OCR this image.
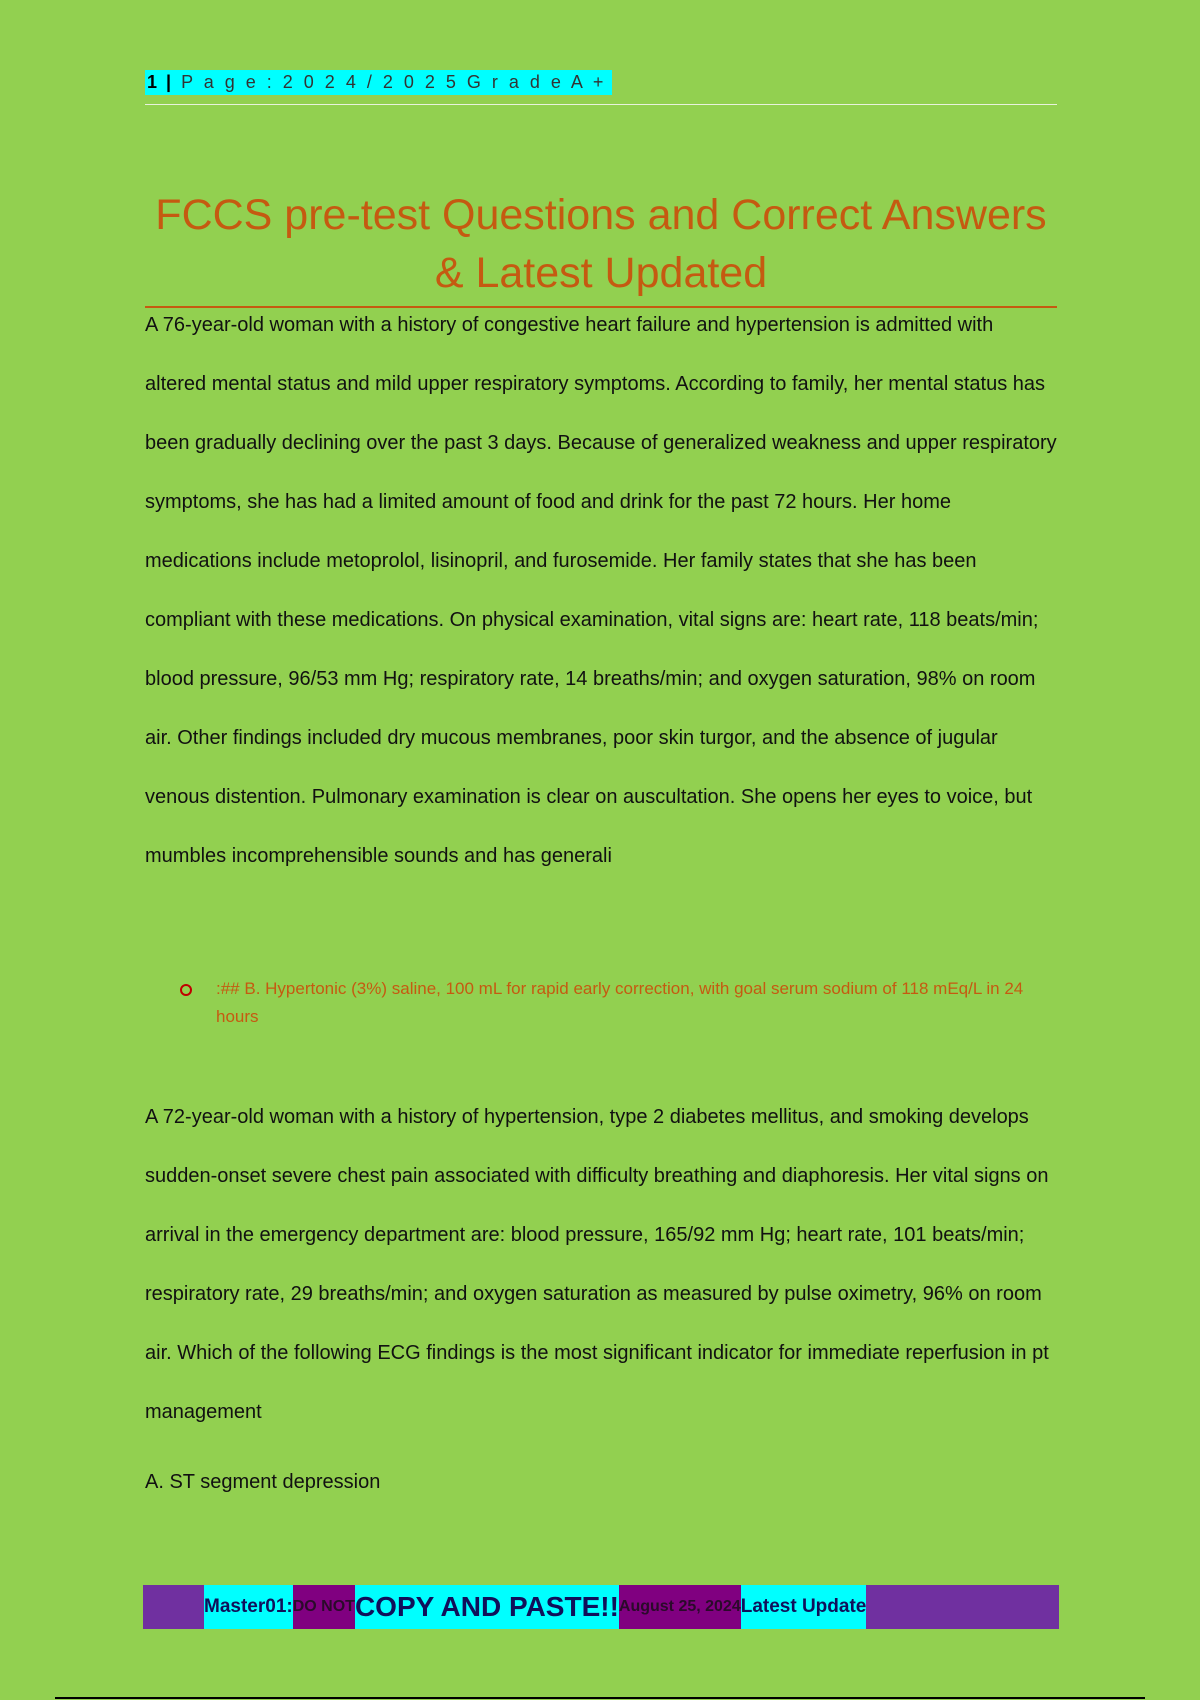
1 | P a g e : 2 0 2 4 / 2 0 2 5 G r a d e A +
FCCS pre-test Questions and Correct Answers & Latest Updated

A 76-year-old woman with a history of congestive heart failure and hypertension is admitted with altered mental status and mild upper respiratory symptoms. According to family, her mental status has been gradually declining over the past 3 days. Because of generalized weakness and upper respiratory symptoms, she has had a limited amount of food and drink for the past 72 hours. Her home medications include metoprolol, lisinopril, and furosemide. Her family states that she has been compliant with these medications. On physical examination, vital signs are: heart rate, 118 beats/min; blood pressure, 96/53 mm Hg; respiratory rate, 14 breaths/min; and oxygen saturation, 98% on room air. Other findings included dry mucous membranes, poor skin turgor, and the absence of jugular venous distention. Pulmonary examination is clear on auscultation. She opens her eyes to voice, but mumbles incomprehensible sounds and has generali

:## B. Hypertonic (3%) saline, 100 mL for rapid early correction, with goal serum sodium of 118 mEq/L in 24 hours

A 72-year-old woman with a history of hypertension, type 2 diabetes mellitus, and smoking develops sudden-onset severe chest pain associated with difficulty breathing and diaphoresis. Her vital signs on arrival in the emergency department are: blood pressure, 165/92 mm Hg; heart rate, 101 beats/min; respiratory rate, 29 breaths/min; and oxygen saturation as measured by pulse oximetry, 96% on room air. Which of the following ECG findings is the most significant indicator for immediate reperfusion in pt management

A. ST segment depression

Master01: DO NOT COPY AND PASTE!! August 25, 2024 Latest Update
